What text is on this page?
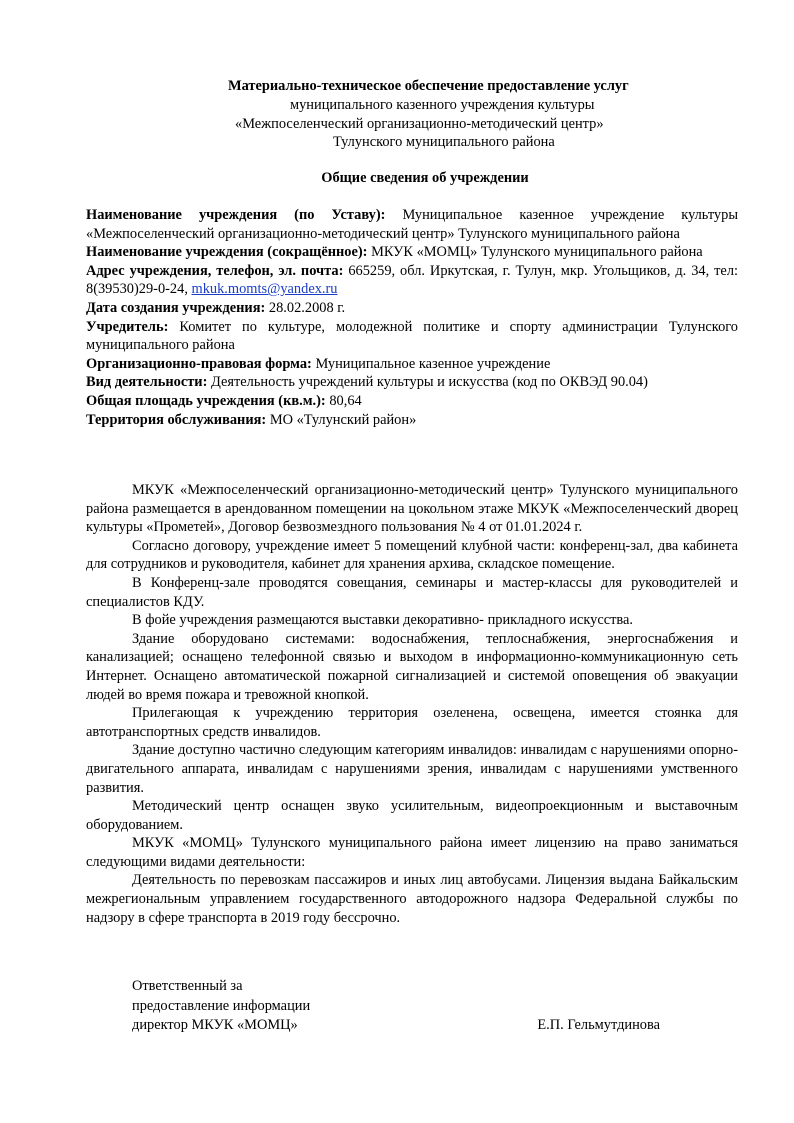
Материально-техническое обеспечение предоставление услуг
муниципального казенного учреждения культуры
«Межпоселенческий организационно-методический центр»
Тулунского муниципального района
Общие сведения об учреждении
Наименование учреждения (по Уставу): Муниципальное казенное учреждение культуры «Межпоселенческий организационно-методический центр» Тулунского муниципального района
Наименование учреждения (сокращённое): МКУК «МОМЦ» Тулунского муниципального района
Адрес учреждения, телефон, эл. почта: 665259, обл. Иркутская, г. Тулун, мкр. Угольщиков, д. 34, тел: 8(39530)29-0-24, mkuk.momts@yandex.ru
Дата создания учреждения: 28.02.2008 г.
Учредитель: Комитет по культуре, молодежной политике и спорту администрации Тулунского муниципального района
Организационно-правовая форма: Муниципальное казенное учреждение
Вид деятельности: Деятельность учреждений культуры и искусства (код по ОКВЭД 90.04)
Общая площадь учреждения (кв.м.): 80,64
Территория обслуживания: МО «Тулунский район»

МКУК «Межпоселенческий организационно-методический центр» Тулунского муниципального района размещается в арендованном помещении на цокольном этаже МКУК «Межпоселенческий дворец культуры «Прометей», Договор безвозмездного пользования № 4 от 01.01.2024 г.

Согласно договору, учреждение имеет 5 помещений клубной части: конференц-зал, два кабинета для сотрудников и руководителя, кабинет для хранения архива, складское помещение.

В Конференц-зале проводятся совещания, семинары и мастер-классы для руководителей и специалистов КДУ.

В фойе учреждения размещаются выставки декоративно- прикладного искусства.

Здание оборудовано системами: водоснабжения, теплоснабжения, энергоснабжения и канализацией; оснащено телефонной связью и выходом в информационно-коммуникационную сеть Интернет. Оснащено автоматической пожарной сигнализацией и системой оповещения об эвакуации людей во время пожара и тревожной кнопкой.

Прилегающая к учреждению территория озеленена, освещена, имеется стоянка для автотранспортных средств инвалидов.

Здание доступно частично следующим категориям инвалидов: инвалидам с нарушениями опорно-двигательного аппарата, инвалидам с нарушениями зрения, инвалидам с нарушениями умственного развития.

Методический центр оснащен звуко усилительным, видеопроекционным и выставочным оборудованием.

МКУК «МОМЦ» Тулунского муниципального района имеет лицензию на право заниматься следующими видами деятельности:

Деятельность по перевозкам пассажиров и иных лиц автобусами. Лицензия выдана Байкальским межрегиональным управлением государственного автодорожного надзора Федеральной службы по надзору в сфере транспорта в 2019 году бессрочно.

Ответственный за
предоставление информации
директор МКУК «МОМЦ»	Е.П. Гельмутдинова
